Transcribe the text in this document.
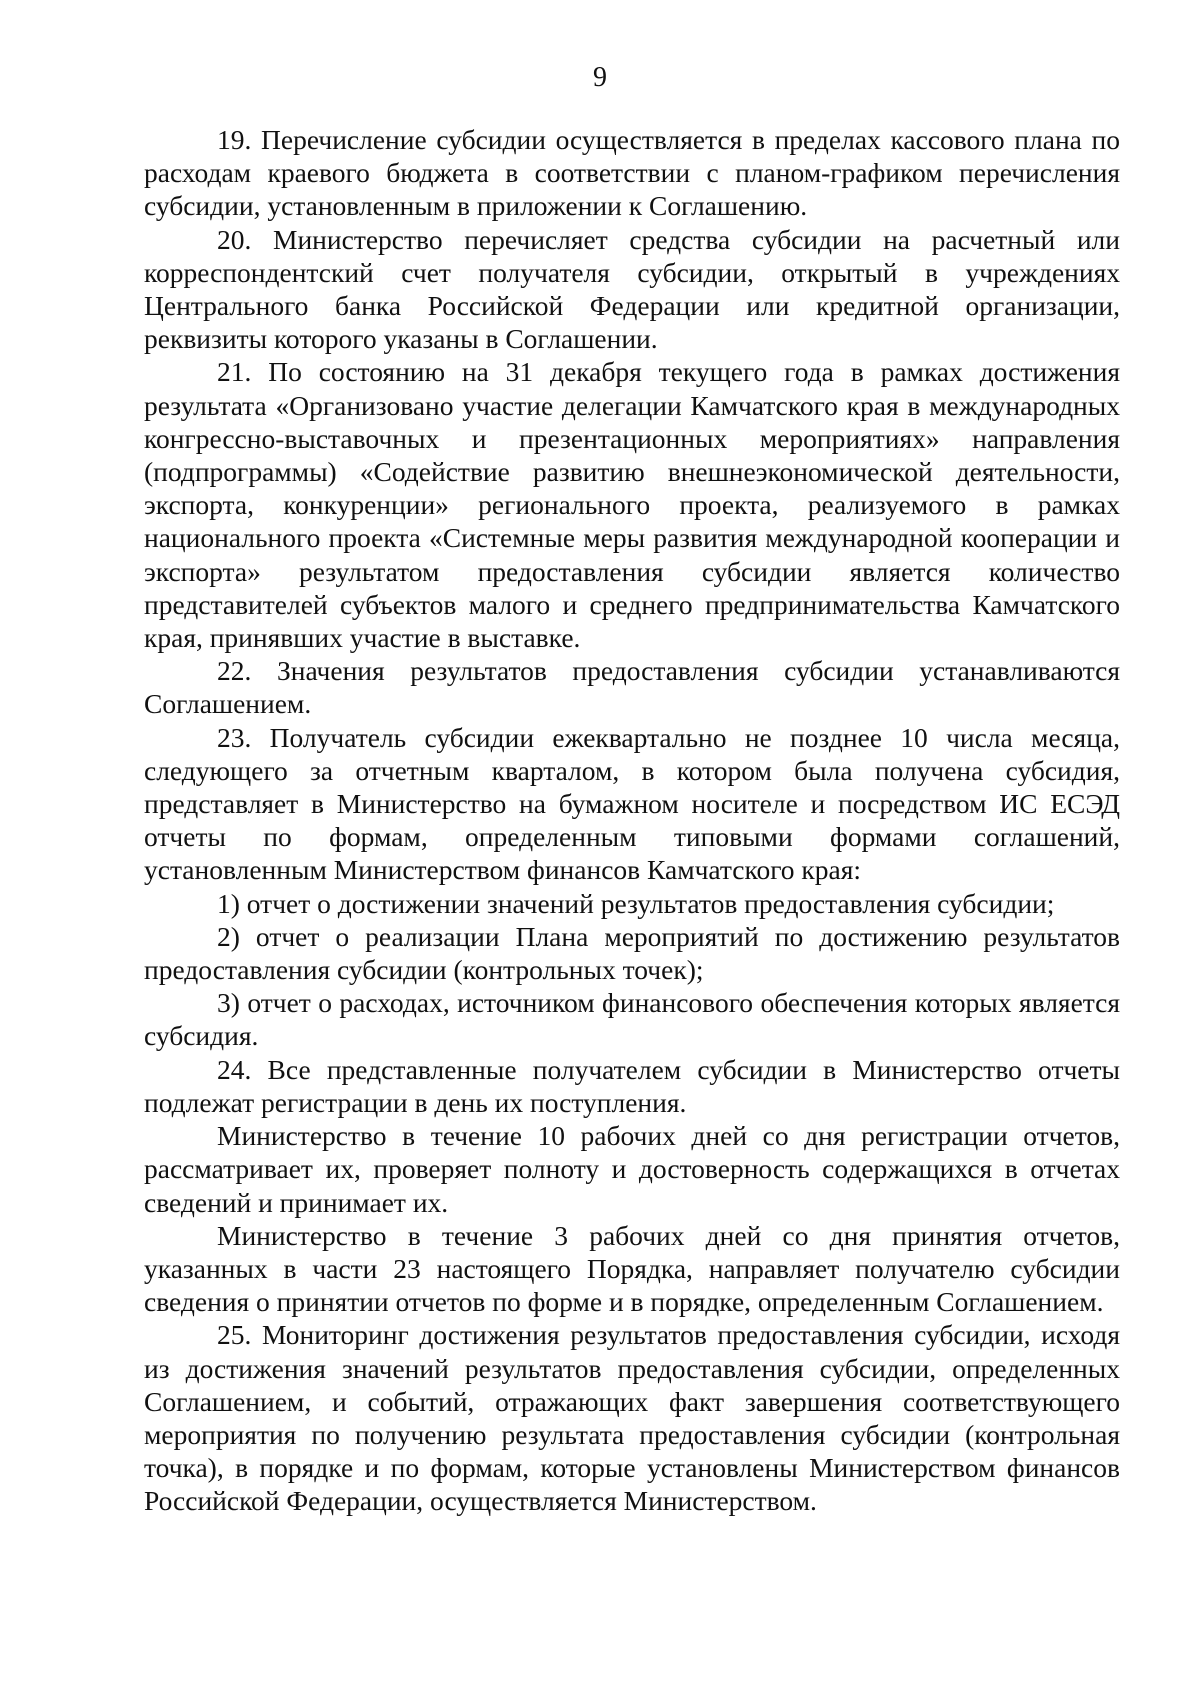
9

19. Перечисление субсидии осуществляется в пределах кассового плана по расходам краевого бюджета в соответствии с планом-графиком перечисления субсидии, установленным в приложении к Соглашению.

20. Министерство перечисляет средства субсидии на расчетный или корреспондентский счет получателя субсидии, открытый в учреждениях Центрального банка Российской Федерации или кредитной организации, реквизиты которого указаны в Соглашении.

21. По состоянию на 31 декабря текущего года в рамках достижения результата «Организовано участие делегации Камчатского края в международных конгрессно-выставочных и презентационных мероприятиях» направления (подпрограммы) «Содействие развитию внешнеэкономической деятельности, экспорта, конкуренции» регионального проекта, реализуемого в рамках национального проекта «Системные меры развития международной кооперации и экспорта» результатом предоставления субсидии является количество представителей субъектов малого и среднего предпринимательства Камчатского края, принявших участие в выставке.

22. Значения результатов предоставления субсидии устанавливаются Соглашением.

23. Получатель субсидии ежеквартально не позднее 10 числа месяца, следующего за отчетным кварталом, в котором была получена субсидия, представляет в Министерство на бумажном носителе и посредством ИС ЕСЭД отчеты по формам, определенным типовыми формами соглашений, установленным Министерством финансов Камчатского края:

1) отчет о достижении значений результатов предоставления субсидии;

2) отчет о реализации Плана мероприятий по достижению результатов предоставления субсидии (контрольных точек);

3) отчет о расходах, источником финансового обеспечения которых является субсидия.

24. Все представленные получателем субсидии в Министерство отчеты подлежат регистрации в день их поступления.

Министерство в течение 10 рабочих дней со дня регистрации отчетов, рассматривает их, проверяет полноту и достоверность содержащихся в отчетах сведений и принимает их.

Министерство в течение 3 рабочих дней со дня принятия отчетов, указанных в части 23 настоящего Порядка, направляет получателю субсидии сведения о принятии отчетов по форме и в порядке, определенным Соглашением.

25. Мониторинг достижения результатов предоставления субсидии, исходя из достижения значений результатов предоставления субсидии, определенных Соглашением, и событий, отражающих факт завершения соответствующего мероприятия по получению результата предоставления субсидии (контрольная точка), в порядке и по формам, которые установлены Министерством финансов Российской Федерации, осуществляется Министерством.
